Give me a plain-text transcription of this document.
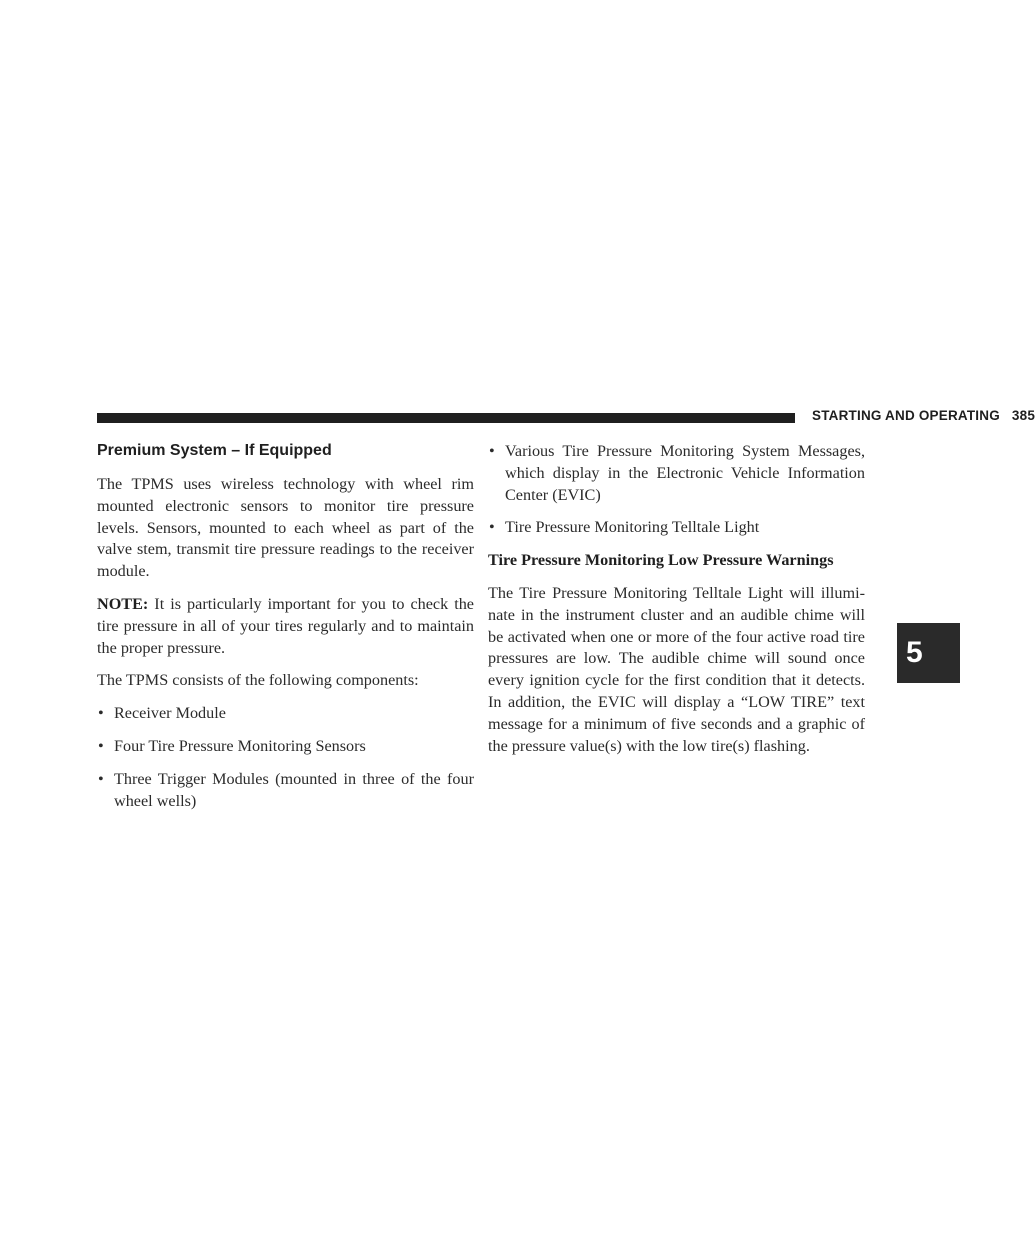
STARTING AND OPERATING 385
5
Premium System – If Equipped

The TPMS uses wireless technology with wheel rim mounted electronic sensors to monitor tire pressure levels. Sensors, mounted to each wheel as part of the valve stem, transmit tire pressure readings to the receiver module.

NOTE: It is particularly important for you to check the tire pressure in all of your tires regularly and to maintain the proper pressure.

The TPMS consists of the following components:

• Receiver Module
• Four Tire Pressure Monitoring Sensors
• Three Trigger Modules (mounted in three of the four wheel wells)
• Various Tire Pressure Monitoring System Messages, which display in the Electronic Vehicle Information Center (EVIC)
• Tire Pressure Monitoring Telltale Light
Tire Pressure Monitoring Low Pressure Warnings

The Tire Pressure Monitoring Telltale Light will illumi-nate in the instrument cluster and an audible chime will be activated when one or more of the four active road tire pressures are low. The audible chime will sound once every ignition cycle for the first condition that it detects. In addition, the EVIC will display a “LOW TIRE” text message for a minimum of five seconds and a graphic of the pressure value(s) with the low tire(s) flashing.
